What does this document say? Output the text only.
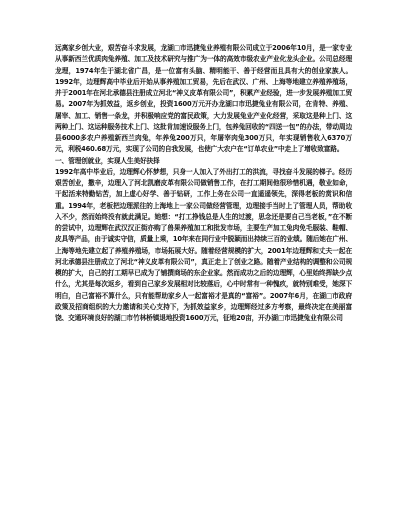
远离家乡创大业，艰苦奋斗求发展，龙湖□市迅捷兔业养殖有限公司成立于2006年10月，是一家专业从事新西兰优质肉兔养殖、加工及技术研究与推广为一体的高效市级农业产业化龙头企业。公司总经理龙理，1974年生于湖北省广昌，是一位富有头脑、精明能干、善于经营而且具有大的创业家族人。1992年，边理辉高中毕业后开始从事养殖加工贸易，先后在武汉、广州、上海等地建立养殖养殖场，并于2001年在河北承德县注册成立河北“神义皮革有限公司”，积累产业经验，进一步发展养殖加工贸易。2007年为抓效益，返乡创业，投资1600万元开办龙湖口市迅捷兔业有限公司，在肯特、养殖、屠宰、加工、销售一条龙，并积极响应党的富民政策，大力发展兔业产业化经营，采取这是种上门、这两种上门、这运种服务技术上门、这批肯加速设服务上门，包养兔回收的“四送一包”的办法，带动周边县6000多农户养殖新西兰肉兔，年养兔200万只，年屠宰肉兔300万只，年实现销售收入6370万元，利税460.68万元，实现了公司的自我发展，也使广大农户在“订单农业”中走上了增收致富路。

一、管理创就业，实现人生美好抉择

1992年高中毕业后，边理辉心怀梦想，只身一人加入了外出打工的洪流，寻找奋斗发展的梯子。经历艰苦创业，撒辛，边理入了河北凯磨皮革有限公司做销售工作，在打工期间他很珍惜机遇，敬业如命，干起活来特勤钻苦，加上虚心好学、善于钻研，工作上务在公司一直遥遥领先，深得老板的赏识和信重。1994年，老板把边理派往的上海地上一家公司做经营管理，边理接手当时上了管理人员，帮助收入不少，然而始终没有就此满足。她想：“打工挣钱总是人生的过渡，思念还是要自己当老板，”在不断的尝试中，边理辉在武汉汉正街亦购了兽果养殖加工和批发市场，主要生产加工兔肉免毛服装、鞋帽、皮具等产品，由于诚实守信，质量上乘，10年来在同行业中脱颖而出持续三百的业绩。随后她在广州、上海等地先建立起了养殖养殖场，市场拓展大好。随着经营规模的扩大，2001年边理辉和丈夫一起在河北承德县注册成立了河北“神义皮革有限公司”，真正走上了创业之路。随着产业结构的调整和公司规模的扩大，自己的打工期早已成为了铺撰商场的东企业家。然而成功之后的边理辉，心里始终挥缺少点什么，尤其是每次返乡，看到自己家乡发展相对比较落后，心中时常有一种愧疚，就特别难受，她深下明白，自己富裕不算什么，只有能帮助家乡人一起富裕才是真的“富裕”。2007年6月，在湖□市政府政策及招商组织的大力邀请和关心支持下，为抓效益家乡，边理辉经过多方考察，最终决定在美丽富饶、交通环境良好的湖□市竹林桥镇退地投资1600万元，征地20亩，开办湖□市迅捷兔业有限公司
